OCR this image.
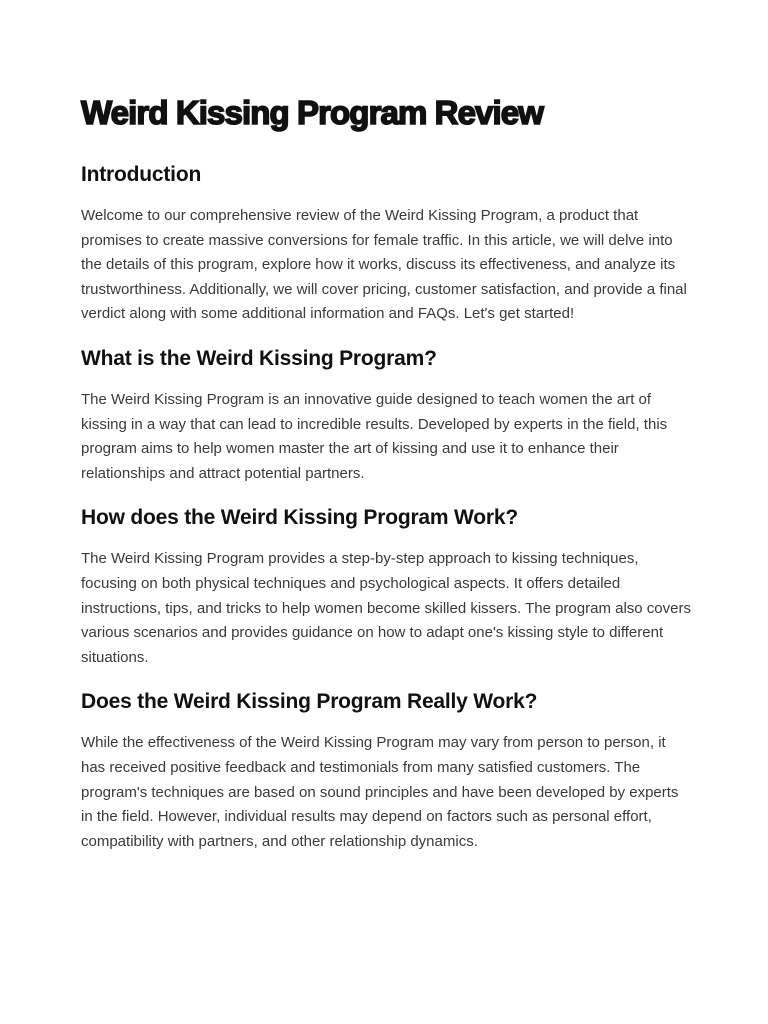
Weird Kissing Program Review
Introduction

Welcome to our comprehensive review of the Weird Kissing Program, a product that promises to create massive conversions for female traffic. In this article, we will delve into the details of this program, explore how it works, discuss its effectiveness, and analyze its trustworthiness. Additionally, we will cover pricing, customer satisfaction, and provide a final verdict along with some additional information and FAQs. Let's get started!

What is the Weird Kissing Program?

The Weird Kissing Program is an innovative guide designed to teach women the art of kissing in a way that can lead to incredible results. Developed by experts in the field, this program aims to help women master the art of kissing and use it to enhance their relationships and attract potential partners.

How does the Weird Kissing Program Work?

The Weird Kissing Program provides a step-by-step approach to kissing techniques, focusing on both physical techniques and psychological aspects. It offers detailed instructions, tips, and tricks to help women become skilled kissers. The program also covers various scenarios and provides guidance on how to adapt one's kissing style to different situations.

Does the Weird Kissing Program Really Work?

While the effectiveness of the Weird Kissing Program may vary from person to person, it has received positive feedback and testimonials from many satisfied customers. The program's techniques are based on sound principles and have been developed by experts in the field. However, individual results may depend on factors such as personal effort, compatibility with partners, and other relationship dynamics.
